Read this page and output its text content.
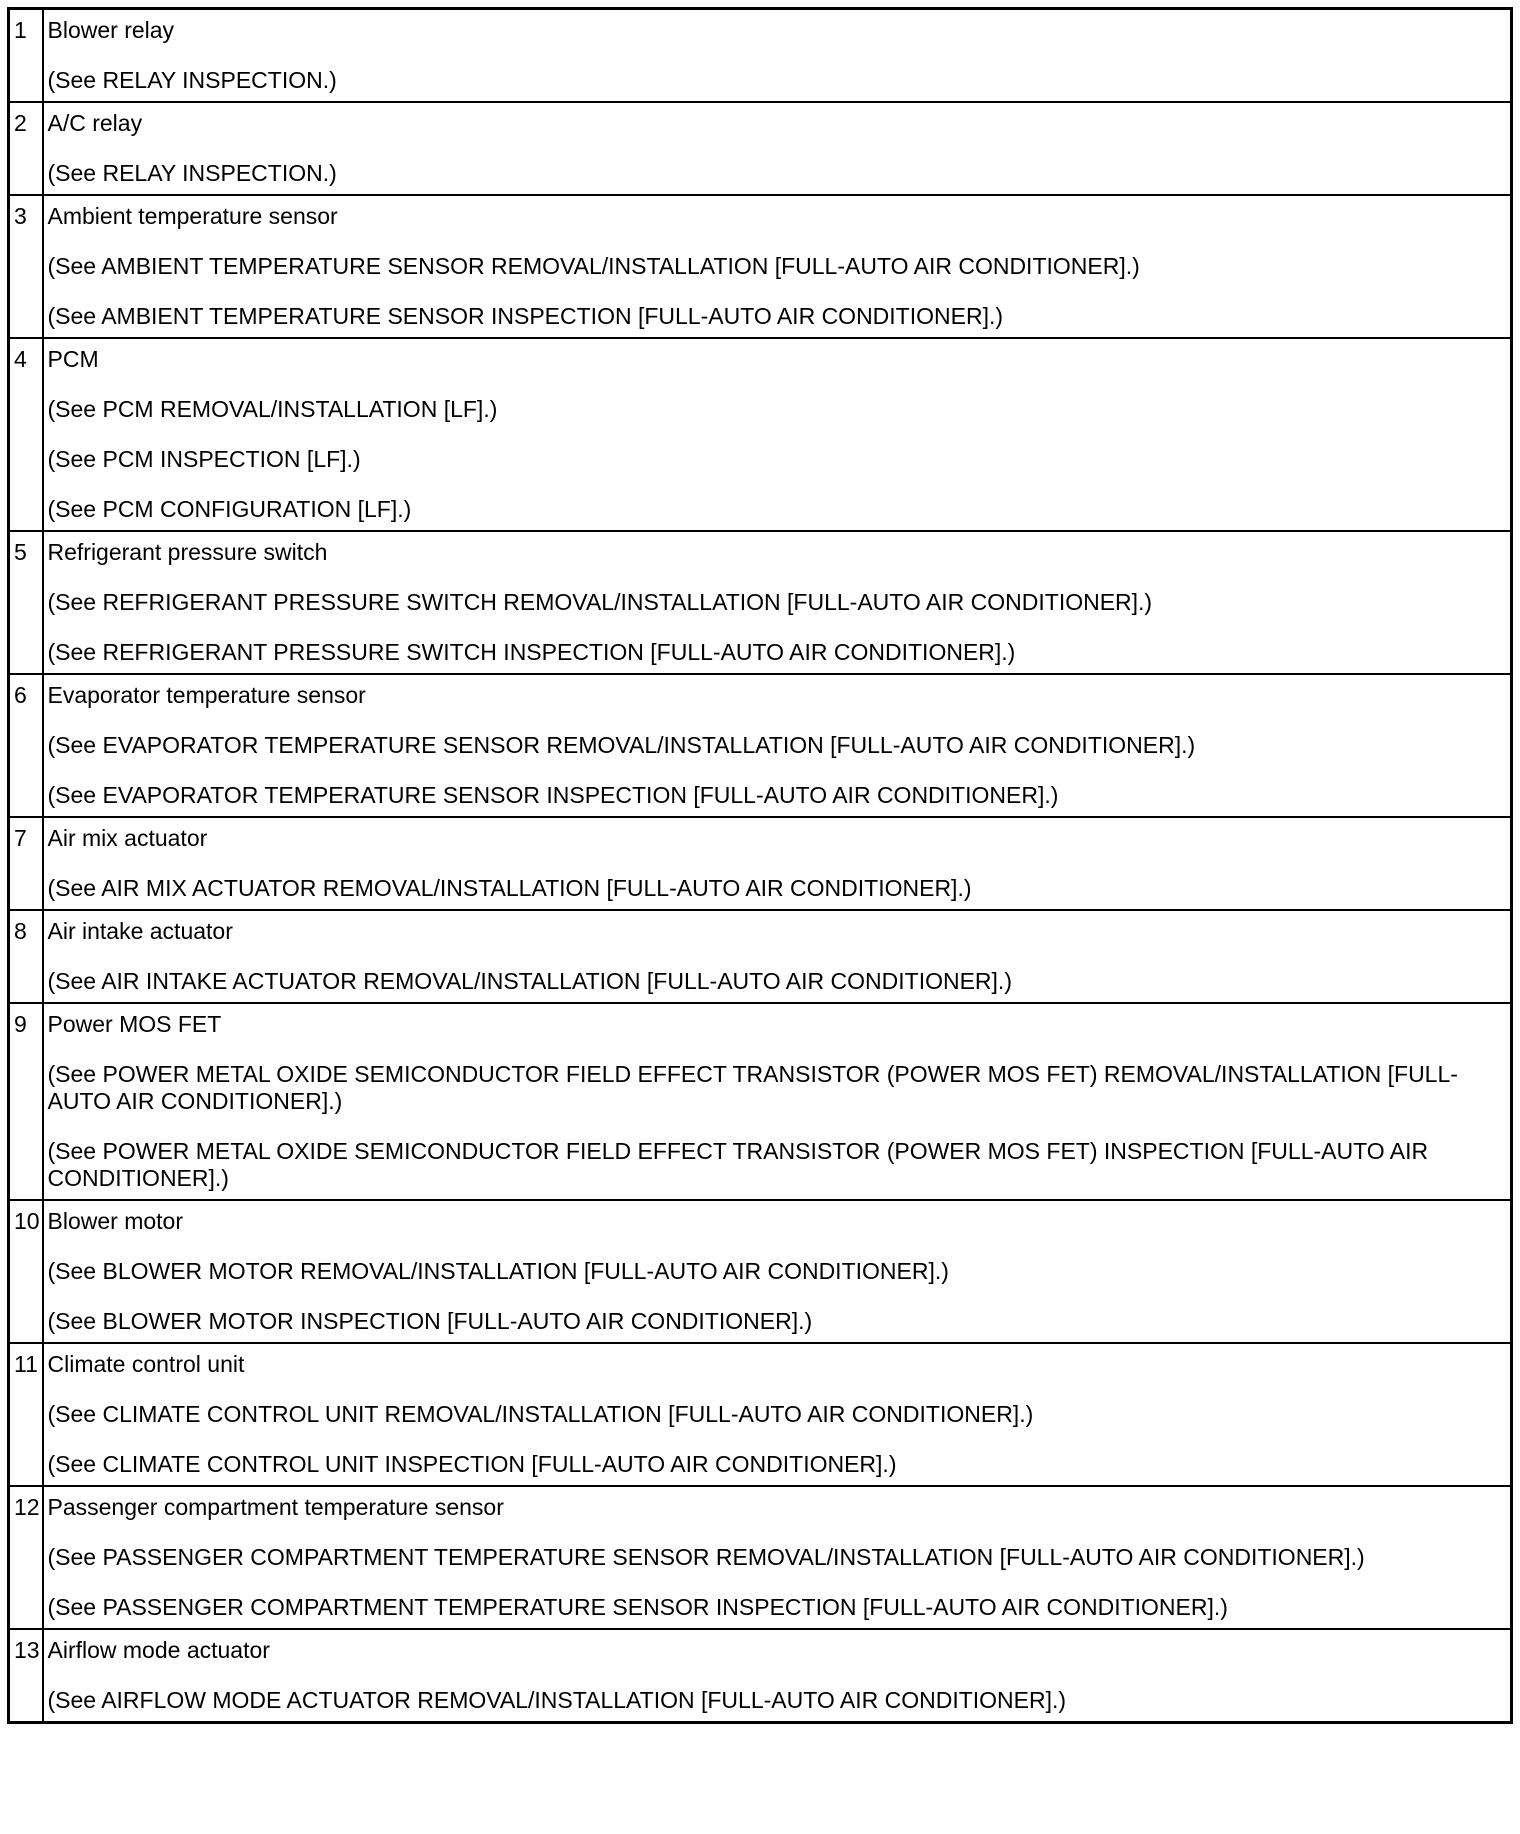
1	Blower relay
(See RELAY INSPECTION.)

2	A/C relay
(See RELAY INSPECTION.)

3	Ambient temperature sensor
(See AMBIENT TEMPERATURE SENSOR REMOVAL/INSTALLATION [FULL-AUTO AIR CONDITIONER].)
(See AMBIENT TEMPERATURE SENSOR INSPECTION [FULL-AUTO AIR CONDITIONER].)

4	PCM
(See PCM REMOVAL/INSTALLATION [LF].)
(See PCM INSPECTION [LF].)
(See PCM CONFIGURATION [LF].)

5	Refrigerant pressure switch
(See REFRIGERANT PRESSURE SWITCH REMOVAL/INSTALLATION [FULL-AUTO AIR CONDITIONER].)
(See REFRIGERANT PRESSURE SWITCH INSPECTION [FULL-AUTO AIR CONDITIONER].)

6	Evaporator temperature sensor
(See EVAPORATOR TEMPERATURE SENSOR REMOVAL/INSTALLATION [FULL-AUTO AIR CONDITIONER].)
(See EVAPORATOR TEMPERATURE SENSOR INSPECTION [FULL-AUTO AIR CONDITIONER].)

7	Air mix actuator
(See AIR MIX ACTUATOR REMOVAL/INSTALLATION [FULL-AUTO AIR CONDITIONER].)

8	Air intake actuator
(See AIR INTAKE ACTUATOR REMOVAL/INSTALLATION [FULL-AUTO AIR CONDITIONER].)

9	Power MOS FET
(See POWER METAL OXIDE SEMICONDUCTOR FIELD EFFECT TRANSISTOR (POWER MOS FET) REMOVAL/INSTALLATION [FULL-AUTO AIR CONDITIONER].)
(See POWER METAL OXIDE SEMICONDUCTOR FIELD EFFECT TRANSISTOR (POWER MOS FET) INSPECTION [FULL-AUTO AIR CONDITIONER].)

10	Blower motor
(See BLOWER MOTOR REMOVAL/INSTALLATION [FULL-AUTO AIR CONDITIONER].)
(See BLOWER MOTOR INSPECTION [FULL-AUTO AIR CONDITIONER].)

11	Climate control unit
(See CLIMATE CONTROL UNIT REMOVAL/INSTALLATION [FULL-AUTO AIR CONDITIONER].)
(See CLIMATE CONTROL UNIT INSPECTION [FULL-AUTO AIR CONDITIONER].)

12	Passenger compartment temperature sensor
(See PASSENGER COMPARTMENT TEMPERATURE SENSOR REMOVAL/INSTALLATION [FULL-AUTO AIR CONDITIONER].)
(See PASSENGER COMPARTMENT TEMPERATURE SENSOR INSPECTION [FULL-AUTO AIR CONDITIONER].)

13	Airflow mode actuator
(See AIRFLOW MODE ACTUATOR REMOVAL/INSTALLATION [FULL-AUTO AIR CONDITIONER].)
